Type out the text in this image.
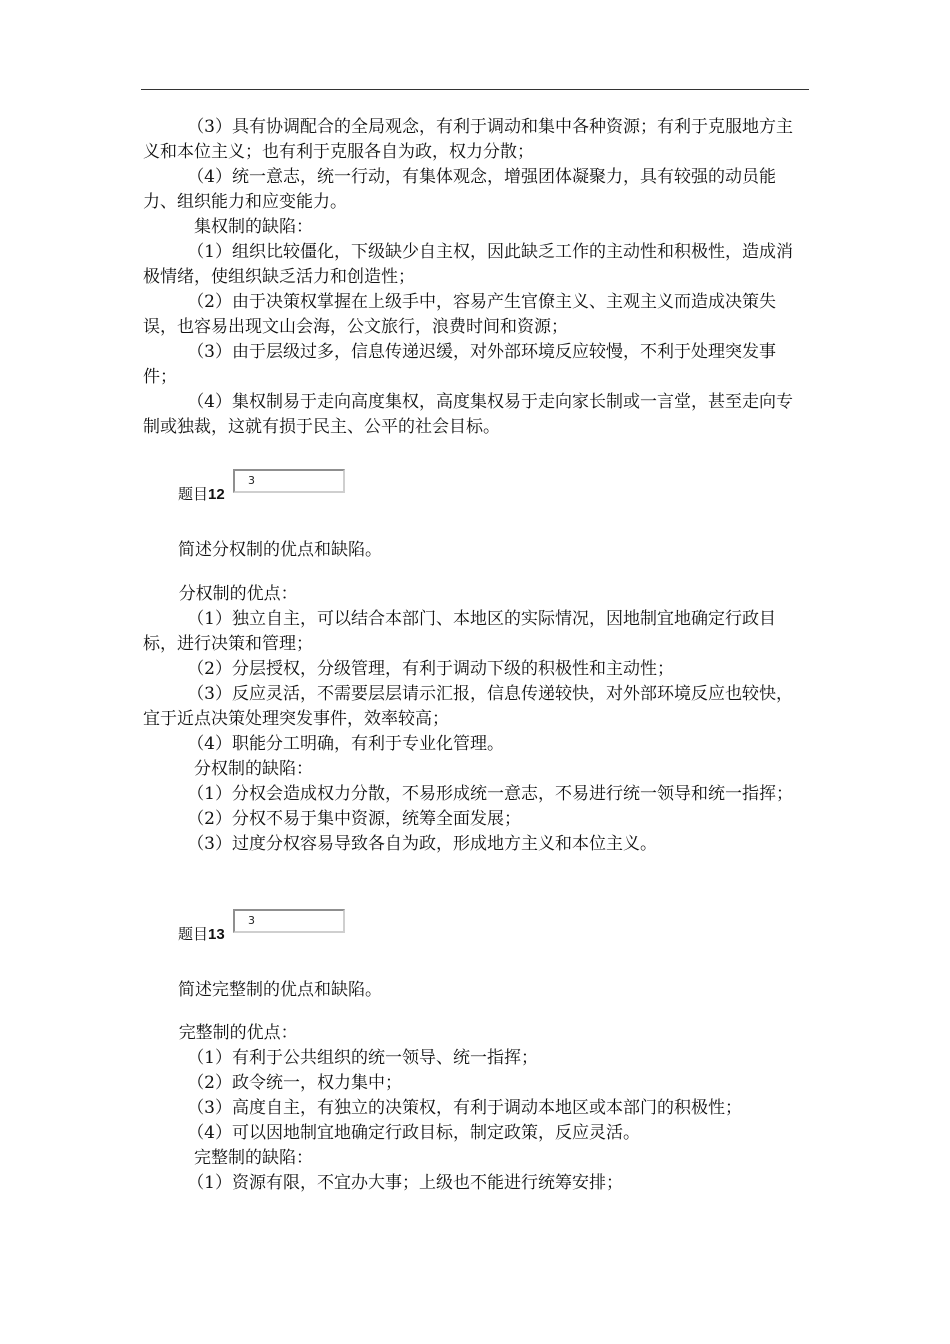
（3）具有协调配合的全局观念，有利于调动和集中各种资源；有利于克服地方主义和本位主义；也有利于克服各自为政，权力分散；

（4）统一意志，统一行动，有集体观念，增强团体凝聚力，具有较强的动员能力、组织能力和应变能力。

集权制的缺陷：

（1）组织比较僵化，下级缺少自主权，因此缺乏工作的主动性和积极性，造成消极情绪，使组织缺乏活力和创造性；

（2）由于决策权掌握在上级手中，容易产生官僚主义、主观主义而造成决策失误，也容易出现文山会海，公文旅行，浪费时间和资源；

（3）由于层级过多，信息传递迟缓，对外部环境反应较慢，不利于处理突发事件；

（4）集权制易于走向高度集权，高度集权易于走向家长制或一言堂，甚至走向专制或独裁，这就有损于民主、公平的社会目标。

题目12
3
简述分权制的优点和缺陷。

分权制的优点：

（1）独立自主，可以结合本部门、本地区的实际情况，因地制宜地确定行政目标，进行决策和管理；

（2）分层授权，分级管理，有利于调动下级的积极性和主动性；

（3）反应灵活，不需要层层请示汇报，信息传递较快，对外部环境反应也较快，宜于近点决策处理突发事件，效率较高；

（4）职能分工明确，有利于专业化管理。

分权制的缺陷：

（1）分权会造成权力分散，不易形成统一意志，不易进行统一领导和统一指挥；

（2）分权不易于集中资源，统筹全面发展；

（3）过度分权容易导致各自为政，形成地方主义和本位主义。

题目13
3
简述完整制的优点和缺陷。

完整制的优点：

（1）有利于公共组织的统一领导、统一指挥；

（2）政令统一，权力集中；

（3）高度自主，有独立的决策权，有利于调动本地区或本部门的积极性；

（4）可以因地制宜地确定行政目标，制定政策，反应灵活。

完整制的缺陷：

（1）资源有限，不宜办大事；上级也不能进行统筹安排；
